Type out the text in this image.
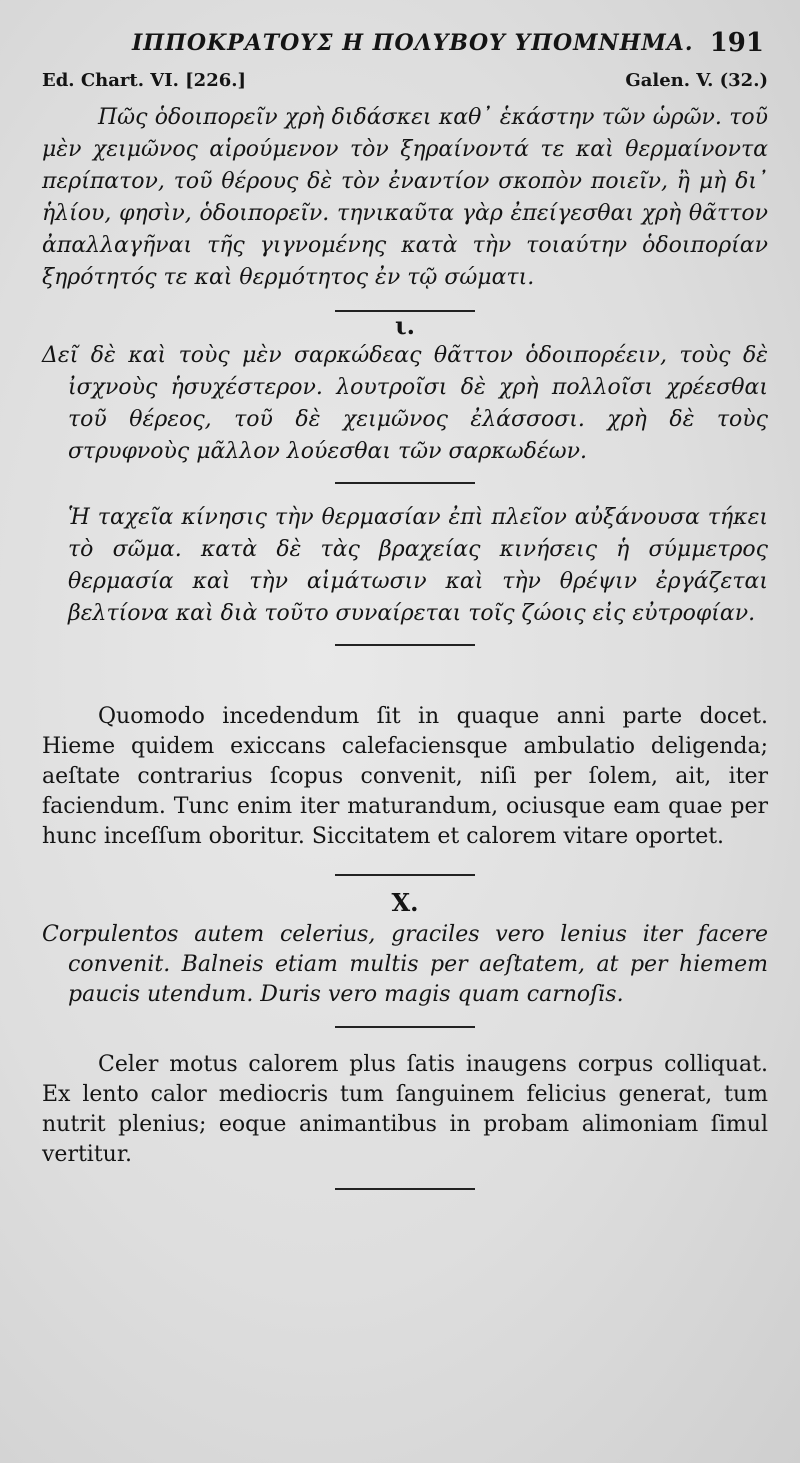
ΙΠΠΟΚΡΑΤΟΥΣ Η ΠΟΛΥΒΟΥ ΥΠΟΜΝΗΜΑ. 191
Ed. Chart. VI. [226.]	Galen. V. (32.)

Πῶς ὁδοιπορεῖν χρὴ διδάσκει καθ᾽ ἑκάστην τῶν ὡρῶν. τοῦ μὲν χειμῶνος αἱρούμενον τὸν ξηραίνοντά τε καὶ θερμαίνοντα περίπατον, τοῦ θέρους δὲ τὸν ἐναντίον σκοπὸν ποιεῖν, ἢ μὴ δι᾽ ἡλίου, φησὶν, ὁδοιπορεῖν. τηνικαῦτα γὰρ ἐπείγεσθαι χρὴ θᾶττον ἀπαλλαγῆναι τῆς γιγνομένης κατὰ τὴν τοιαύτην ὁδοιπορίαν ξηρότητός τε καὶ θερμότητος ἐν τῷ σώματι.

ι.

Δεῖ δὲ καὶ τοὺς μὲν σαρκώδεας θᾶττον ὁδοιπορέειν, τοὺς δὲ ἰσχνοὺς ἡσυχέστερον. λουτροῖσι δὲ χρὴ πολλοῖσι χρέεσθαι τοῦ θέρεος, τοῦ δὲ χειμῶνος ἐλάσσοσι. χρὴ δὲ τοὺς στρυφνοὺς μᾶλλον λούεσθαι τῶν σαρκωδέων.

Ἡ ταχεῖα κίνησις τὴν θερμασίαν ἐπὶ πλεῖον αὐξάνουσα τήκει τὸ σῶμα. κατὰ δὲ τὰς βραχείας κινήσεις ἡ σύμμετρος θερμασία καὶ τὴν αἱμάτωσιν καὶ τὴν θρέψιν ἐργάζεται βελτίονα καὶ διὰ τοῦτο συναίρεται τοῖς ζώοις εἰς εὐτροφίαν.

Quomodo incedendum ſit in quaque anni parte docet. Hieme quidem exiccans calefaciensque ambulatio deligenda; aeſtate contrarius ſcopus convenit, niſi per ſolem, ait, iter faciendum. Tunc enim iter maturandum, ociusque eam quae per hunc inceſſum oboritur. Siccitatem et calorem vitare oportet.

X.

Corpulentos autem celerius, graciles vero lenius iter facere convenit. Balneis etiam multis per aeſtatem, at per hiemem paucis utendum. Duris vero magis quam carnoſis.

Celer motus calorem plus ſatis inaugens corpus colliquat. Ex lento calor mediocris tum ſanguinem felicius generat, tum nutrit plenius; eoque animantibus in probam alimoniam ſimul vertitur.
